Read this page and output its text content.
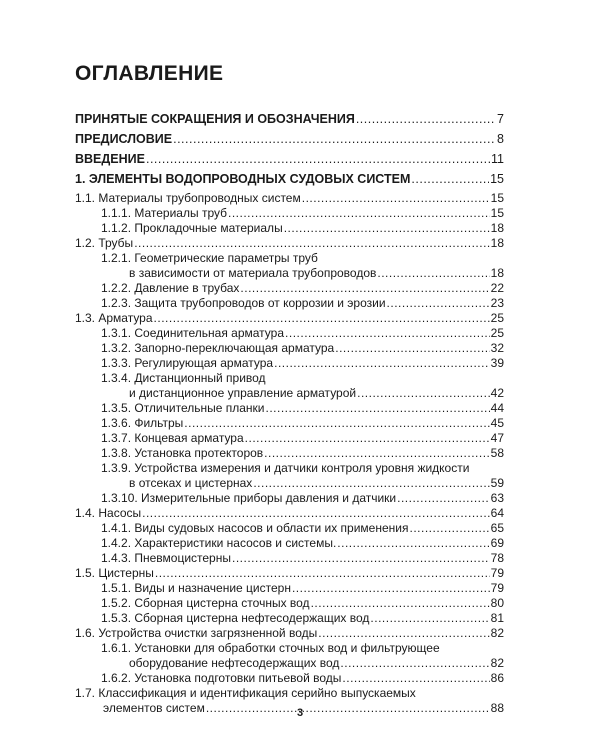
ОГЛАВЛЕНИЕ
ПРИНЯТЫЕ СОКРАЩЕНИЯ И ОБОЗНАЧЕНИЯ .....	7
ПРЕДИСЛОВИЕ .....	8
ВВЕДЕНИЕ .....	11
1. ЭЛЕМЕНТЫ ВОДОПРОВОДНЫХ СУДОВЫХ СИСТЕМ .....	15
1.1. Материалы трубопроводных систем .....	15
1.1.1. Материалы труб .....	15
1.1.2. Прокладочные материалы .....	18
1.2. Трубы .....	18
1.2.1. Геометрические параметры труб
в зависимости от материала трубопроводов .....	18
1.2.2. Давление в трубах .....	22
1.2.3. Защита трубопроводов от коррозии и эрозии .....	23
1.3. Арматура .....	25
1.3.1. Соединительная арматура .....	25
1.3.2. Запорно-переключающая арматура .....	32
1.3.3. Регулирующая арматура .....	39
1.3.4. Дистанционный привод
и дистанционное управление арматурой .....	42
1.3.5. Отличительные планки .....	44
1.3.6. Фильтры .....	45
1.3.7. Концевая арматура .....	47
1.3.8. Установка протекторов .....	58
1.3.9. Устройства измерения и датчики контроля уровня жидкости
в отсеках и цистернах .....	59
1.3.10. Измерительные приборы давления и датчики .....	63
1.4. Насосы .....	64
1.4.1. Виды судовых насосов и области их применения .....	65
1.4.2. Характеристики насосов и системы. .....	69
1.4.3. Пневмоцистерны .....	78
1.5. Цистерны .....	79
1.5.1. Виды и назначение цистерн .....	79
1.5.2. Сборная цистерна сточных вод .....	80
1.5.3. Сборная цистерна нефтесодержащих вод .....	81
1.6. Устройства очистки загрязненной воды .....	82
1.6.1. Установки для обработки сточных вод и фильтрующее
оборудование нефтесодержащих вод .....	82
1.6.2. Установка подготовки питьевой воды .....	86
1.7. Классификация и идентификация серийно выпускаемых
элементов систем .....	88
3
